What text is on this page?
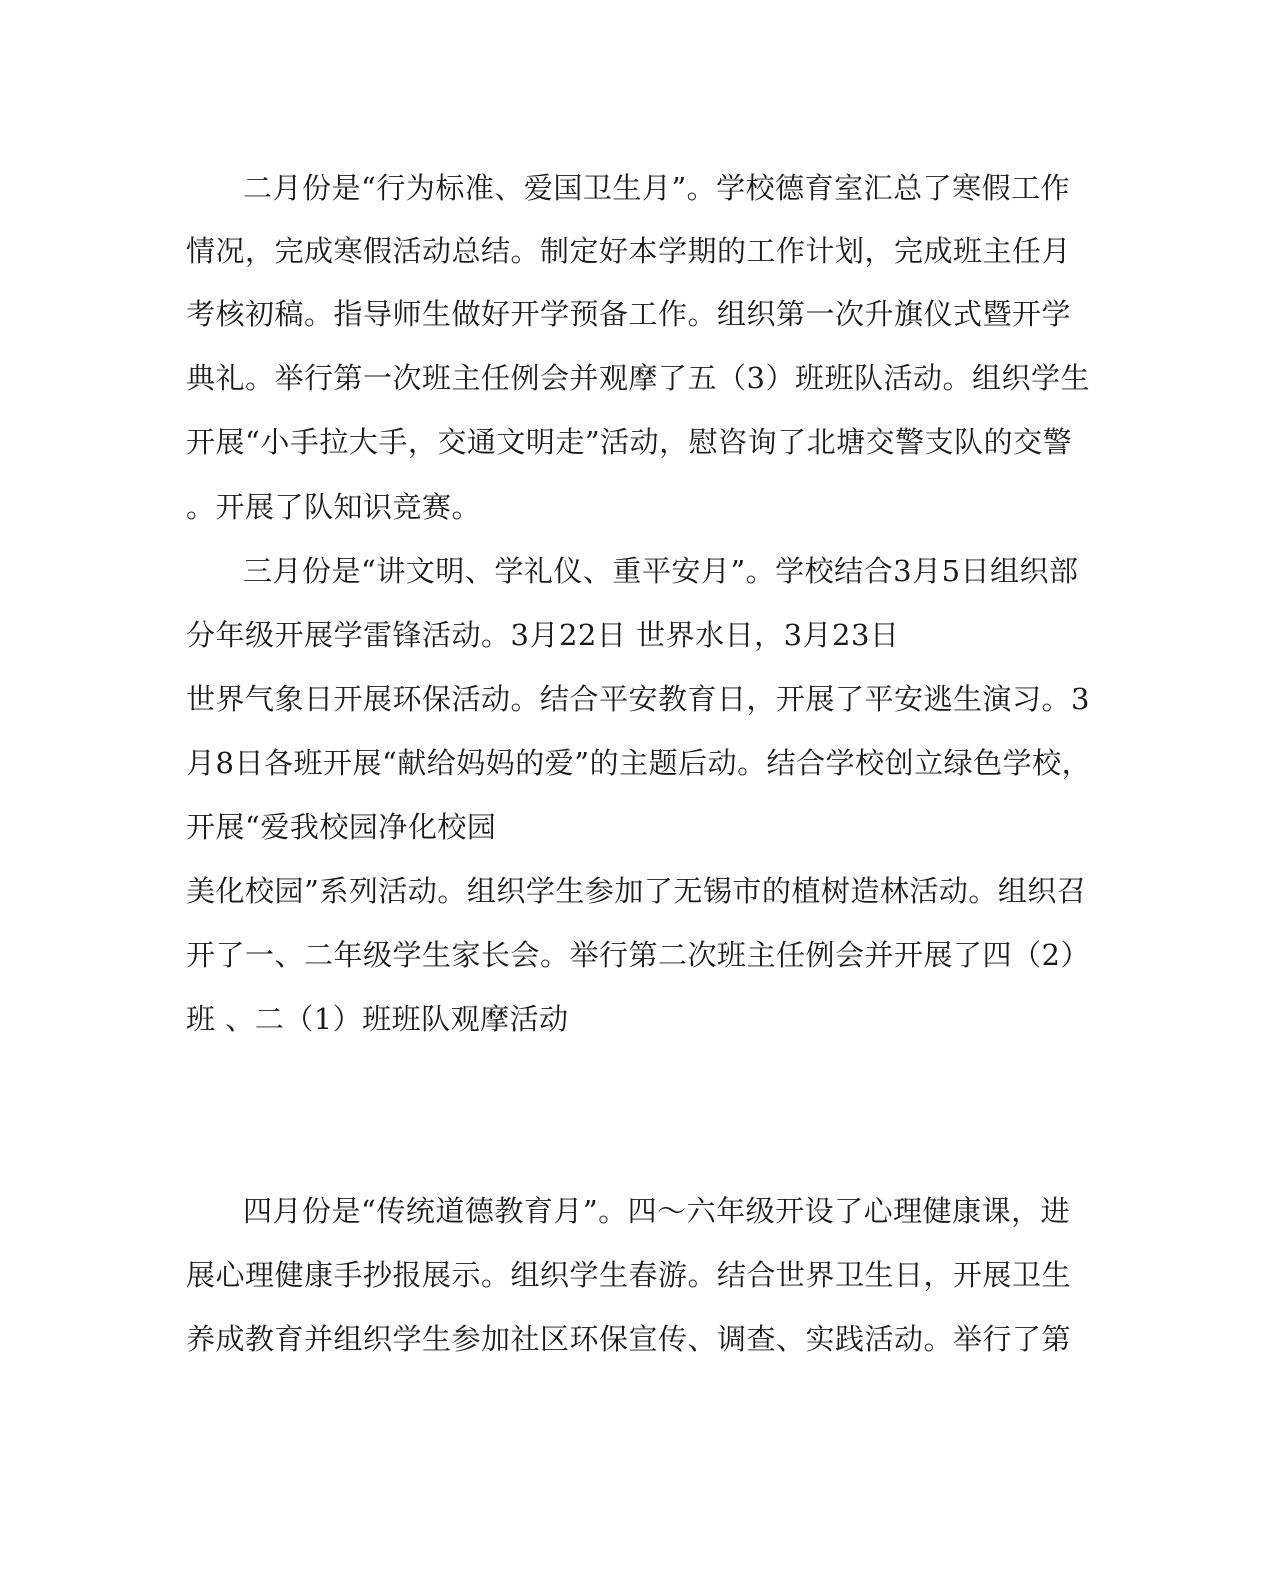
二月份是“行为标准、爱国卫生月”。学校德育室汇总了寒假工作
情况，完成寒假活动总结。制定好本学期的工作计划，完成班主任月
考核初稿。指导师生做好开学预备工作。组织第一次升旗仪式暨开学
典礼。举行第一次班主任例会并观摩了五（3）班班队活动。组织学生
开展“小手拉大手，交通文明走”活动，慰咨询了北塘交警支队的交警
。开展了队知识竞赛。
三月份是“讲文明、学礼仪、重平安月”。学校结合3月5日组织部
分年级开展学雷锋活动。3月22日 世界水日，3月23日
世界气象日开展环保活动。结合平安教育日，开展了平安逃生演习。3
月8日各班开展“献给妈妈的爱”的主题后动。结合学校创立绿色学校，
开展“爱我校园净化校园
美化校园”系列活动。组织学生参加了无锡市的植树造林活动。组织召
开了一、二年级学生家长会。举行第二次班主任例会并开展了四（2）
班 、二（1）班班队观摩活动
四月份是“传统道德教育月”。四～六年级开设了心理健康课，进
展心理健康手抄报展示。组织学生春游。结合世界卫生日，开展卫生
养成教育并组织学生参加社区环保宣传、调查、实践活动。举行了第
